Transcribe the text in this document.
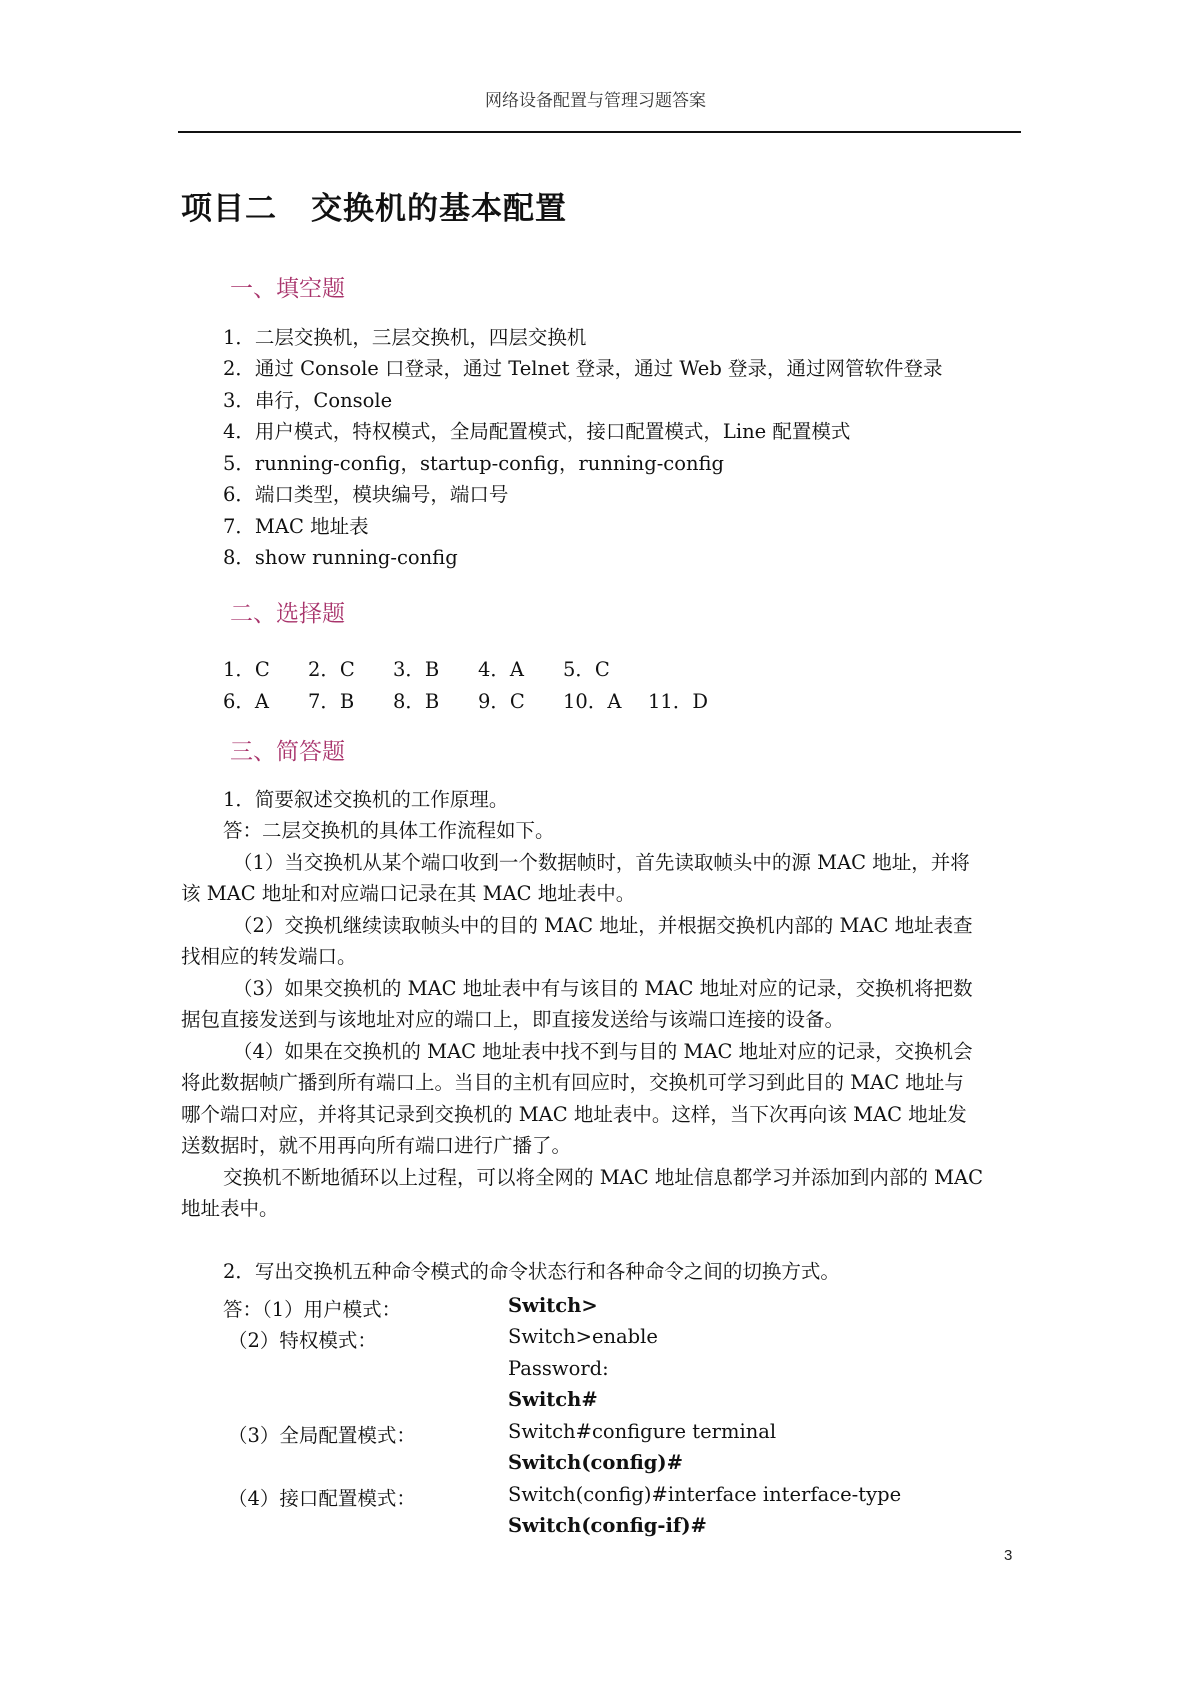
网络设备配置与管理习题答案
项目二 交换机的基本配置
一、填空题
1．二层交换机，三层交换机，四层交换机
2．通过 Console 口登录，通过 Telnet 登录，通过 Web 登录，通过网管软件登录
3．串行，Console
4．用户模式，特权模式，全局配置模式，接口配置模式，Line 配置模式
5．running-config，startup-config，running-config
6．端口类型，模块编号，端口号
7．MAC 地址表
8．show running-config
二、选择题
1．C 2．C 3．B 4．A 5．C
6．A 7．B 8．B 9．C 10．A 11．D
三、简答题
1．简要叙述交换机的工作原理。
答：二层交换机的具体工作流程如下。
（1）当交换机从某个端口收到一个数据帧时，首先读取帧头中的源 MAC 地址，并将
该 MAC 地址和对应端口记录在其 MAC 地址表中。
（2）交换机继续读取帧头中的目的 MAC 地址，并根据交换机内部的 MAC 地址表查
找相应的转发端口。
（3）如果交换机的 MAC 地址表中有与该目的 MAC 地址对应的记录，交换机将把数
据包直接发送到与该地址对应的端口上，即直接发送给与该端口连接的设备。
（4）如果在交换机的 MAC 地址表中找不到与目的 MAC 地址对应的记录，交换机会
将此数据帧广播到所有端口上。当目的主机有回应时，交换机可学习到此目的 MAC 地址与
哪个端口对应，并将其记录到交换机的 MAC 地址表中。这样，当下次再向该 MAC 地址发
送数据时，就不用再向所有端口进行广播了。
交换机不断地循环以上过程，可以将全网的 MAC 地址信息都学习并添加到内部的 MAC
地址表中。
2．写出交换机五种命令模式的命令状态行和各种命令之间的切换方式。
答：（1）用户模式：	Switch>
（2）特权模式：	Switch>enable
Password:
Switch#
（3）全局配置模式：	Switch#configure terminal
Switch(config)#
（4）接口配置模式：	Switch(config)#interface interface-type
Switch(config-if)#
3
